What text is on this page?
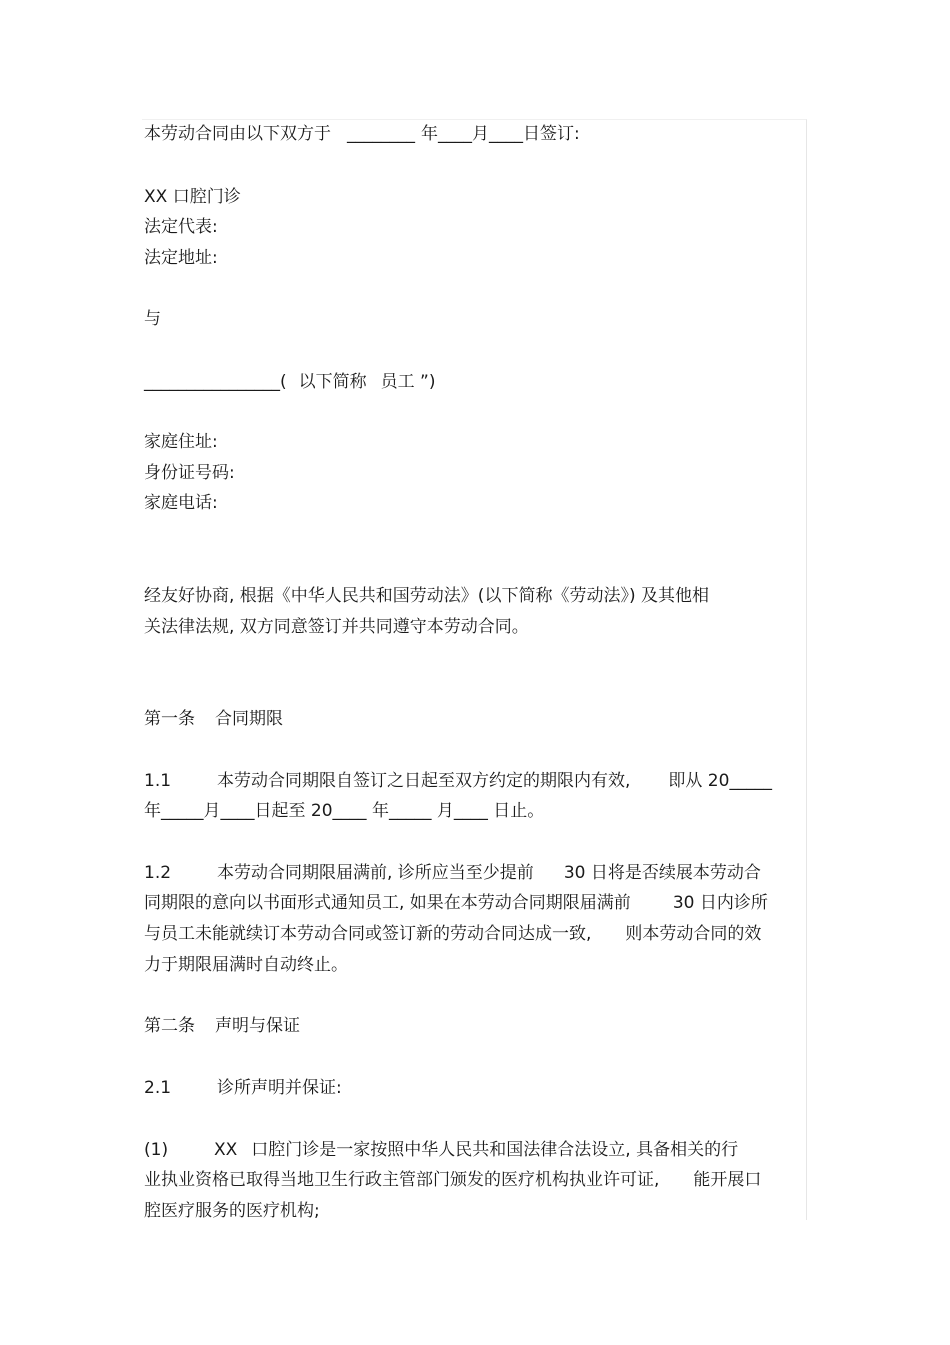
本劳动合同由以下双方于 ________ 年____月____日签订:
XX 口腔门诊
法定代表:
法定地址:
与
________________( 以下简称 员工 ”)
家庭住址:
身份证号码:
家庭电话:
经友好协商, 根据《中华人民共和国劳动法》(以下简称《劳动法》) 及其他相
关法律法规, 双方同意签订并共同遵守本劳动合同。
第一条 合同期限
1.1	本劳动合同期限自签订之日起至双方约定的期限内有效, 即从 20_____
年_____月____日起至 20____ 年_____ 月____ 日止。
1.2	本劳动合同期限届满前, 诊所应当至少提前 30 日将是否续展本劳动合
同期限的意向以书面形式通知员工, 如果在本劳动合同期限届满前 30 日内诊所
与员工未能就续订本劳动合同或签订新的劳动合同达成一致, 则本劳动合同的效
力于期限届满时自动终止。
第二条 声明与保证
2.1	诊所声明并保证:
(1)	XX 口腔门诊是一家按照中华人民共和国法律合法设立, 具备相关的行
业执业资格已取得当地卫生行政主管部门颁发的医疗机构执业许可证, 能开展口
腔医疗服务的医疗机构;
